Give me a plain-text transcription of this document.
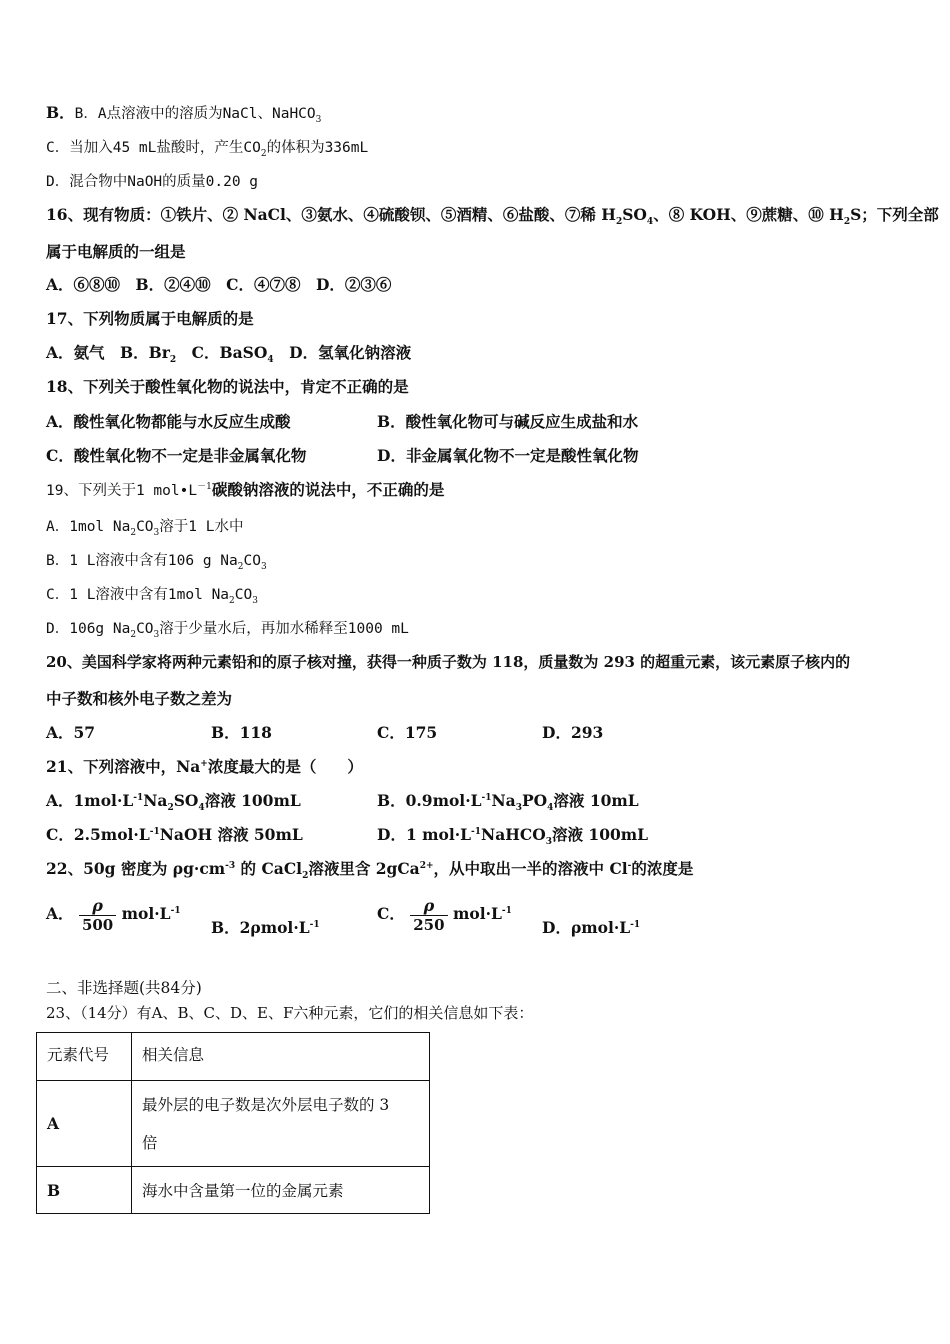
B．B．A点溶液中的溶质为NaCl、NaHCO$_3$
C．当加入45 mL盐酸时，产生$CO_2$的体积为336mL
D．混合物中NaOH的质量0.20 g
16、现有物质：①铁片、② NaCl、③氨水、④硫酸钡、⑤酒精、⑥盐酸、⑦稀 $H_2SO_4$、⑧ KOH、⑨蔗糖、⑩ $H_2S$；下列全部
属于电解质的一组是
A．⑥⑧⑩　B．②④⑩　C．④⑦⑧　D．②③⑥
17、下列物质属于电解质的是
A．氨气　B．$Br_2$　C．BaSO$_4$　D．氢氧化钠溶液
18、下列关于酸性氧化物的说法中，肯定不正确的是
A．酸性氧化物都能与水反应生成酸	B．酸性氧化物可与碱反应生成盐和水
C．酸性氧化物不一定是非金属氧化物	D．非金属氧化物不一定是酸性氧化物
19、下列关于1 $mol•L^{-1}$碳酸钠溶液的说法中，不正确的是
A．1mol $Na_2CO_3$溶于1 L水中
B．1 L溶液中含有106 g $Na_2CO_3$
C．1 L溶液中含有1mol $Na_2CO_3$
D．106g $Na_2CO_3$溶于少量水后，再加水稀释至1000 mL
20、美国科学家将两种元素铅和的原子核对撞，获得一种质子数为 118，质量数为 293 的超重元素，该元素原子核内的
中子数和核外电子数之差为
A．57	B．118	C．175	D．293
21、下列溶液中，Na+浓度最大的是（　　）
A．$1mol\cdot L^{-1}Na_2SO_4$溶液 100mL	B．$0.9mol\cdot L^{-1}Na_3PO_4$溶液 10mL
C．$2.5mol\cdot L^{-1}NaOH$ 溶液 50mL	D．1 $mol\cdot L^{-1}NaHCO_3$溶液 100mL
22、50g 密度为 $\rho g\cdot cm^{-3}$ 的 CaCl$_2$溶液里含 2gCa$^{2+}$，从中取出一半的溶液中 Cl-的浓度是
A． $\frac{\rho}{500} mol\cdot L^{-1}$
B．$2\rho mol\cdot L^{-1}$
C． $\frac{\rho}{250} mol\cdot L^{-1}$
D．$\rho mol\cdot L^{-1}$
二、非选择题(共84分)
23、（14分）有A、B、C、D、E、F六种元素，它们的相关信息如下表：
元素代号	相关信息
A	最外层的电子数是次外层电子数的 3
倍

B	海水中含量第一位的金属元素
